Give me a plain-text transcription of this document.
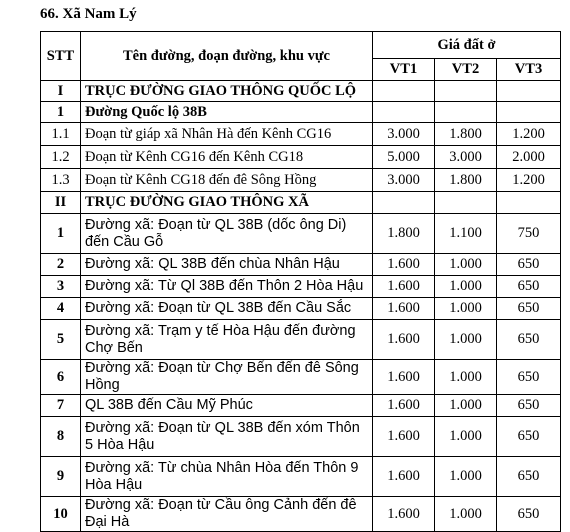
66. Xã Nam Lý
STT	Tên đường, đoạn đường, khu vực	Giá đất ở		
		VT1	VT2	VT3
I	TRỤC ĐƯỜNG GIAO THÔNG QUỐC LỘ			
1	Đường Quốc lộ 38B			
1.1	Đoạn từ giáp xã Nhân Hà đến Kênh CG16	3.000	1.800	1.200
1.2	Đoạn từ Kênh CG16 đến Kênh CG18	5.000	3.000	2.000
1.3	Đoạn từ Kênh CG18 đến đê Sông Hồng	3.000	1.800	1.200
II	TRỤC ĐƯỜNG GIAO THÔNG XÃ			
1	Đường xã: Đoạn từ QL 38B (dốc ông Di) đến Cầu Gỗ	1.800	1.100	750
2	Đường xã: QL 38B đến chùa Nhân Hậu	1.600	1.000	650
3	Đường xã: Từ Ql 38B đến Thôn 2 Hòa Hậu	1.600	1.000	650
4	Đường xã: Đoạn từ QL 38B đến Cầu Sắc	1.600	1.000	650
5	Đường xã: Trạm y tế Hòa Hậu đến đường Chợ Bến	1.600	1.000	650
6	Đường xã: Đoạn từ Chợ Bến đến đê Sông Hồng	1.600	1.000	650
7	QL 38B đến Cầu Mỹ Phúc	1.600	1.000	650
8	Đường xã: Đoạn từ QL 38B đến xóm Thôn 5 Hòa Hậu	1.600	1.000	650
9	Đường xã: Từ chùa Nhân Hòa đến Thôn 9 Hòa Hậu	1.600	1.000	650
10	Đường xã: Đoạn từ Cầu ông Cảnh đến đê Đại Hà	1.600	1.000	650
